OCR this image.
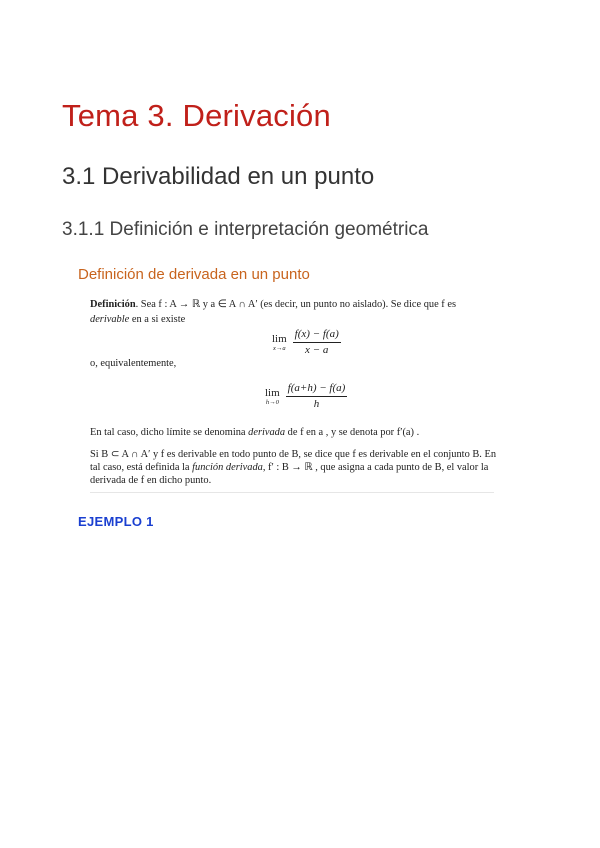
Tema 3. Derivación
3.1 Derivabilidad en un punto
3.1.1 Definición e interpretación geométrica
Definición de derivada en un punto
Definición. Sea f : A → ℝ y a ∈ A ∩ A′ (es decir, un punto no aislado). Se dice que f es
derivable en a si existe
lim
$x\to a \frac{f(x) - f(a)}{x - a}$
o, equivalentemente,
lim
$h\to 0 \frac{f(a+h) - f(a)}{h}$
En tal caso, dicho límite se denomina derivada de f en a , y se denota por f′(a) .
Si B ⊂ A ∩ A′ y f es derivable en todo punto de B, se dice que f es derivable en el conjunto B. En
tal caso, está definida la función derivada, f′ : B → ℝ , que asigna a cada punto de B, el valor la
derivada de f en dicho punto.
EJEMPLO 1
